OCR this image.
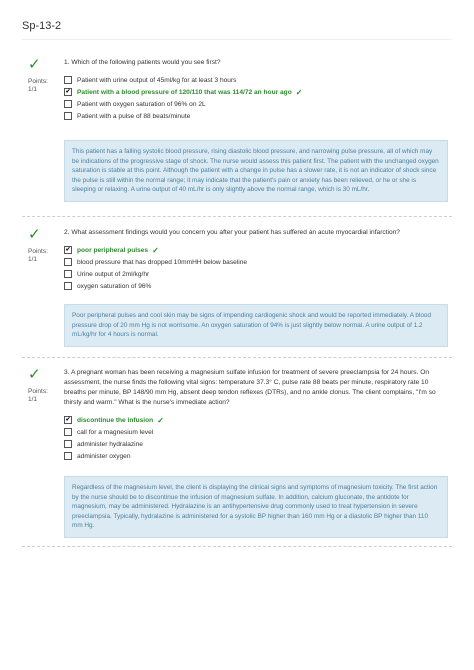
Sp-13-2
✓
Points:
1/1

1. Which of the following patients would you see first?

Patient with urine output of 45ml/kg for at least 3 hours
✔ Patient with a blood pressure of 120/110 that was 114/72 an hour ago ✓
Patient with oxygen saturation of 96% on 2L
Patient with a pulse of 88 beats/minute
This patient has a falling systolic blood pressure, rising diastolic blood pressure, and narrowing pulse pressure, all of which may be indications of the progressive stage of shock. The nurse would assess this patient first. The patient with the unchanged oxygen saturation is stable at this point. Although the patient with a change in pulse has a slower rate, it is not an indicator of shock since the pulse is still within the normal range; it may indicate that the patient's pain or anxiety has been relieved, or he or she is sleeping or relaxing. A urine output of 40 mL/hr is only slightly above the normal range, which is 30 mL/hr.
✓
Points:
1/1

2. What assessment findings would you concern you after your patient has suffered an acute myocardial infarction?

✔ poor peripheral pulses ✓
blood pressure that has dropped 10mmHH below baseline
Urine output of 2ml/kg/hr
oxygen saturation of 96%
Poor peripheral pulses and cool skin may be signs of impending cardiogenic shock and would be reported immediately. A blood pressure drop of 20 mm Hg is not worrisome. An oxygen saturation of 94% is just slightly below normal. A urine output of 1.2 mL/kg/hr for 4 hours is normal.
✓
Points:
1/1

3. A pregnant woman has been receiving a magnesium sulfate infusion for treatment of severe preeclampsia for 24 hours. On assessment, the nurse finds the following vital signs: temperature 37.3° C, pulse rate 88 beats per minute, respiratory rate 10 breaths per minute, BP 148/90 mm Hg, absent deep tendon reflexes (DTRs), and no ankle clonus. The client complains, "I'm so thirsty and warm." What is the nurse's immediate action?

✔ discontinue the infusion ✓
call for a magnesium level
administer hydralazine
administer oxygen
Regardless of the magnesium level, the client is displaying the clinical signs and symptoms of magnesium toxicity. The first action by the nurse should be to discontinue the infusion of magnesium sulfate. In addition, calcium gluconate, the antidote for magnesium, may be administered. Hydralazine is an antihypertensive drug commonly used to treat hypertension in severe preeclampsia. Typically, hydralazine is administered for a systolic BP higher than 160 mm Hg or a diastolic BP higher than 110 mm Hg.
